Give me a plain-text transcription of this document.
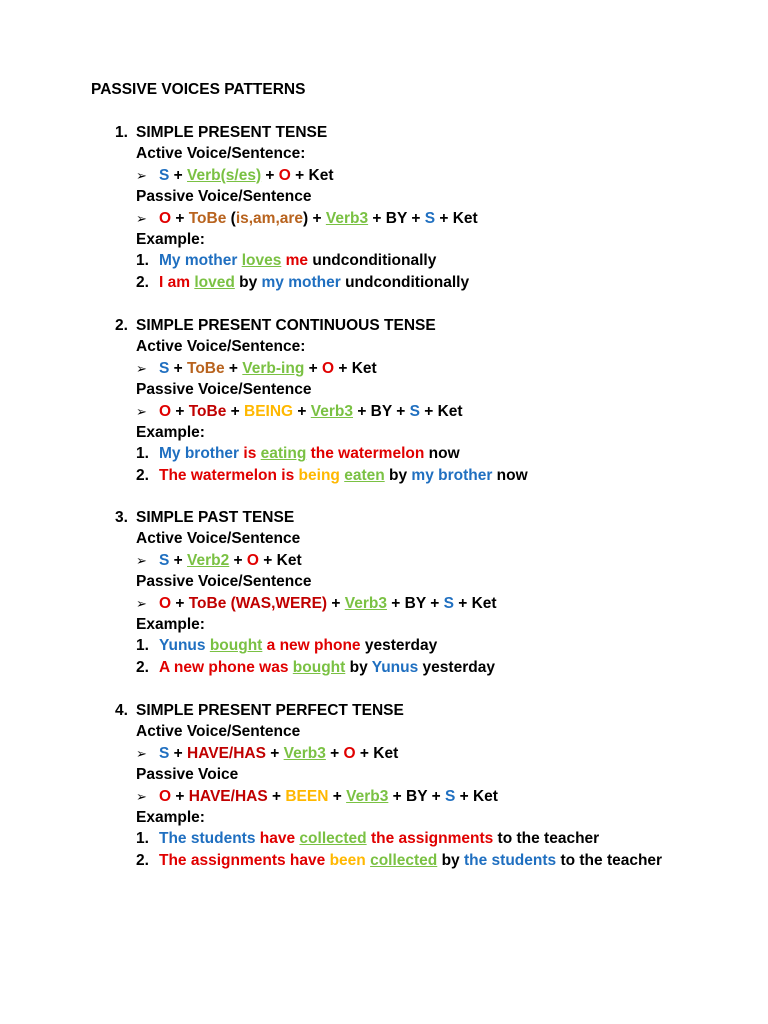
PASSIVE VOICES PATTERNS
1. SIMPLE PRESENT TENSE
Active Voice/Sentence:
➢ S + Verb(s/es) + O + Ket
Passive Voice/Sentence
➢ O + ToBe (is,am,are) + Verb3 + BY + S + Ket
Example:
1. My mother loves me undconditionally
2. I am loved by my mother undconditionally
2. SIMPLE PRESENT CONTINUOUS TENSE
Active Voice/Sentence:
➢ S + ToBe + Verb-ing + O + Ket
Passive Voice/Sentence
➢ O + ToBe + BEING + Verb3 + BY + S + Ket
Example:
1. My brother is eating the watermelon now
2. The watermelon is being eaten by my brother now
3. SIMPLE PAST TENSE
Active Voice/Sentence
➢ S + Verb2 + O + Ket
Passive Voice/Sentence
➢ O + ToBe (WAS,WERE) + Verb3 + BY + S + Ket
Example:
1. Yunus bought a new phone yesterday
2. A new phone was bought by Yunus yesterday
4. SIMPLE PRESENT PERFECT TENSE
Active Voice/Sentence
➢ S + HAVE/HAS + Verb3 + O + Ket
Passive Voice
➢ O + HAVE/HAS + BEEN + Verb3 + BY + S + Ket
Example:
1. The students have collected the assignments to the teacher
2. The assignments have been collected by the students to the teacher
